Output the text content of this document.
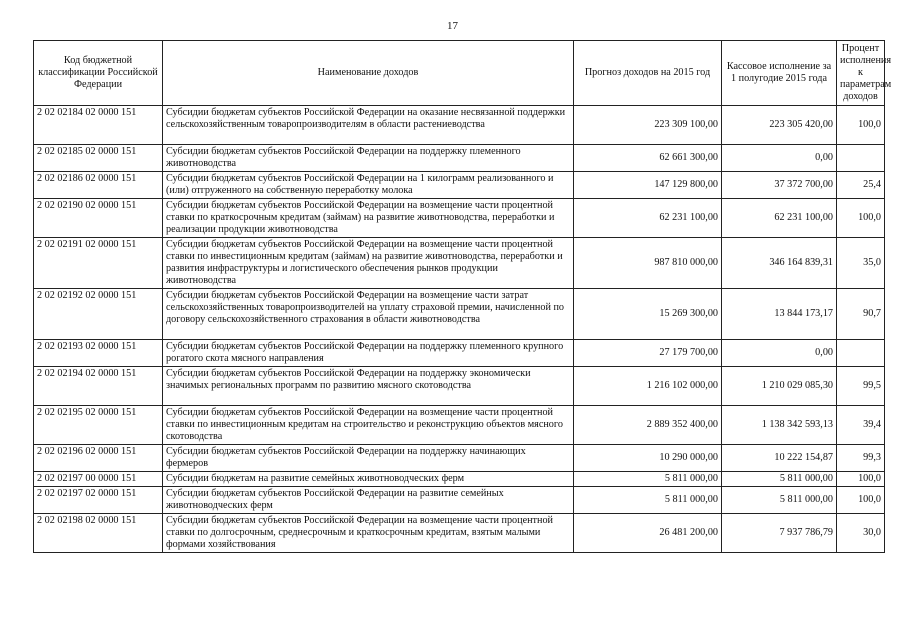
17
Код бюджетной классификации Российской Федерации	Наименование доходов	Прогноз доходов на 2015 год	Кассовое исполнение за 1 полугодие 2015 года	Процент исполнения к параметрам доходов
2 02 02184 02 0000 151	Субсидии бюджетам субъектов Российской Федерации на оказание несвязанной поддержки сельскохозяйственным товаропроизводителям в области растениеводства	223 309 100,00	223 305 420,00	100,0
2 02 02185 02 0000 151	Субсидии бюджетам субъектов Российской Федерации на поддержку племенного животноводства	62 661 300,00	0,00	
2 02 02186 02 0000 151	Субсидии бюджетам субъектов Российской Федерации на 1 килограмм реализованного и (или) отгруженного на собственную переработку молока	147 129 800,00	37 372 700,00	25,4
2 02 02190 02 0000 151	Субсидии бюджетам субъектов Российской Федерации на возмещение части процентной ставки по краткосрочным кредитам (займам) на развитие животноводства, переработки и реализации продукции животноводства	62 231 100,00	62 231 100,00	100,0
2 02 02191 02 0000 151	Субсидии бюджетам субъектов Российской Федерации на возмещение части процентной ставки по инвестиционным кредитам (займам) на развитие животноводства, переработки и развития инфраструктуры и логистического обеспечения рынков продукции животноводства	987 810 000,00	346 164 839,31	35,0
2 02 02192 02 0000 151	Субсидии бюджетам субъектов Российской Федерации на возмещение части затрат сельскохозяйственных товаропроизводителей на уплату страховой премии, начисленной по договору сельскохозяйственного страхования в области животноводства	15 269 300,00	13 844 173,17	90,7
2 02 02193 02 0000 151	Субсидии бюджетам субъектов Российской Федерации на поддержку племенного крупного рогатого скота мясного направления	27 179 700,00	0,00	
2 02 02194 02 0000 151	Субсидии бюджетам субъектов Российской Федерации на поддержку экономически значимых региональных программ по развитию мясного скотоводства	1 216 102 000,00	1 210 029 085,30	99,5
2 02 02195 02 0000 151	Субсидии бюджетам субъектов Российской Федерации на возмещение части процентной ставки по инвестиционным кредитам на строительство и реконструкцию объектов мясного скотоводства	2 889 352 400,00	1 138 342 593,13	39,4
2 02 02196 02 0000 151	Субсидии бюджетам субъектов Российской Федерации на поддержку начинающих фермеров	10 290 000,00	10 222 154,87	99,3
2 02 02197 00 0000 151	Субсидии бюджетам на развитие семейных животноводческих ферм	5 811 000,00	5 811 000,00	100,0
2 02 02197 02 0000 151	Субсидии бюджетам субъектов Российской Федерации на развитие семейных животноводческих ферм	5 811 000,00	5 811 000,00	100,0
2 02 02198 02 0000 151	Субсидии бюджетам субъектов Российской Федерации на возмещение части процентной ставки по долгосрочным, среднесрочным и краткосрочным кредитам, взятым малыми формами хозяйствования	26 481 200,00	7 937 786,79	30,0
